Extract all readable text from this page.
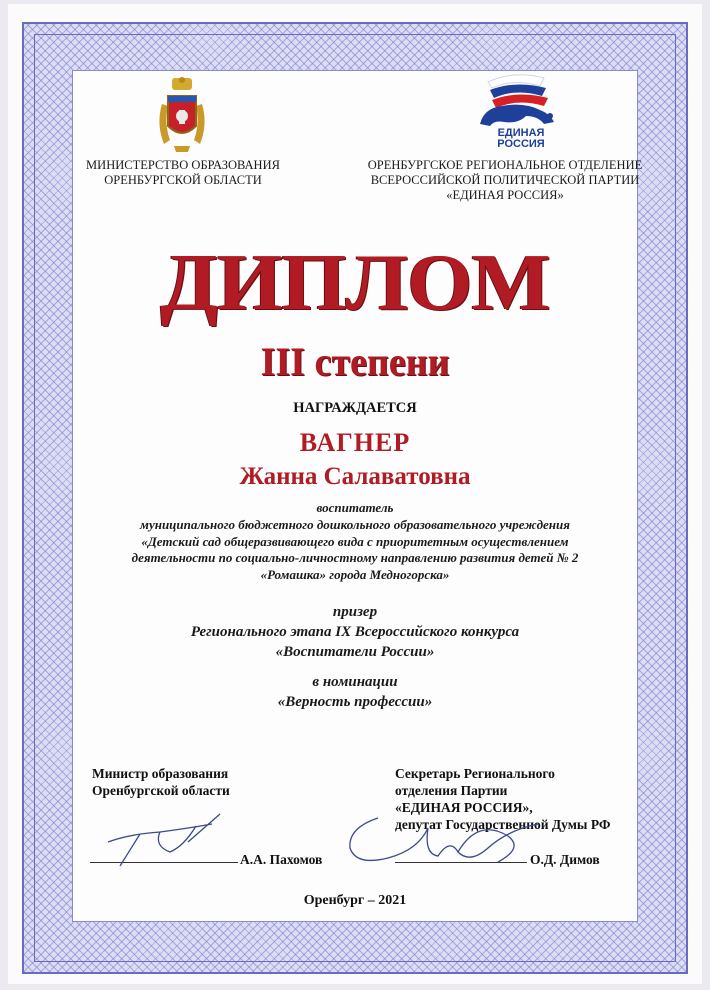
ЕДИНАЯ
РОССИЯ
МИНИСТЕРСТВО ОБРАЗОВАНИЯ
ОРЕНБУРГСКОЙ ОБЛАСТИ
ОРЕНБУРГСКОЕ РЕГИОНАЛЬНОЕ ОТДЕЛЕНИЕ
ВСЕРОССИЙСКОЙ ПОЛИТИЧЕСКОЙ ПАРТИИ
«ЕДИНАЯ РОССИЯ»
ДИПЛОМ
III степени
НАГРАЖДАЕТСЯ
ВАГНЕР
Жанна Салаватовна
воспитатель
муниципального бюджетного дошкольного образовательного учреждения
«Детский сад общеразвивающего вида с приоритетным осуществлением
деятельности по социально-личностному направлению развития детей № 2
«Ромашка» города Медногорска»
призер
Регионального этапа IX Всероссийского конкурса
«Воспитатели России»
в номинации
«Верность профессии»
Министр образования
Оренбургской области
А.А. Пахомов
Секретарь Регионального
отделения Партии
«ЕДИНАЯ РОССИЯ»,
депутат Государственной Думы РФ
О.Д. Димов
Оренбург – 2021
